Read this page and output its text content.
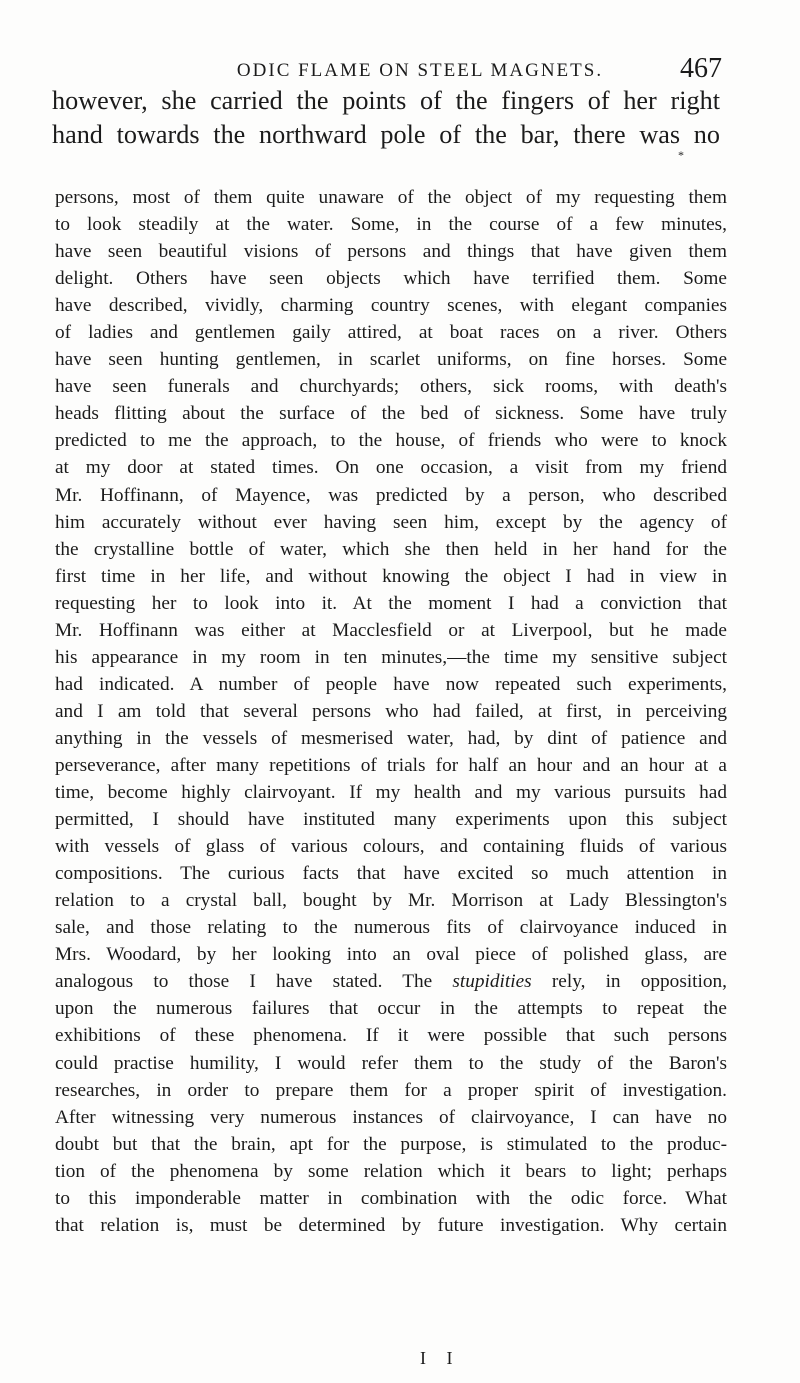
ODIC FLAME ON STEEL MAGNETS.	467
however, she carried the points of the fingers of her right
hand towards the northward pole of the bar, there was no
*
persons, most of them quite unaware of the object of my requesting them
to look steadily at the water. Some, in the course of a few minutes,
have seen beautiful visions of persons and things that have given them
delight. Others have seen objects which have terrified them. Some
have described, vividly, charming country scenes, with elegant companies
of ladies and gentlemen gaily attired, at boat races on a river. Others
have seen hunting gentlemen, in scarlet uniforms, on fine horses. Some
have seen funerals and churchyards; others, sick rooms, with death's
heads flitting about the surface of the bed of sickness. Some have truly
predicted to me the approach, to the house, of friends who were to knock
at my door at stated times. On one occasion, a visit from my friend
Mr. Hoffinann, of Mayence, was predicted by a person, who described
him accurately without ever having seen him, except by the agency of
the crystalline bottle of water, which she then held in her hand for the
first time in her life, and without knowing the object I had in view in
requesting her to look into it. At the moment I had a conviction that
Mr. Hoffinann was either at Macclesfield or at Liverpool, but he made
his appearance in my room in ten minutes,—the time my sensitive subject
had indicated. A number of people have now repeated such experiments,
and I am told that several persons who had failed, at first, in perceiving
anything in the vessels of mesmerised water, had, by dint of patience and
perseverance, after many repetitions of trials for half an hour and an hour at a
time, become highly clairvoyant. If my health and my various pursuits had
permitted, I should have instituted many experiments upon this subject
with vessels of glass of various colours, and containing fluids of various
compositions. The curious facts that have excited so much attention in
relation to a crystal ball, bought by Mr. Morrison at Lady Blessington's
sale, and those relating to the numerous fits of clairvoyance induced in
Mrs. Woodard, by her looking into an oval piece of polished glass, are
analogous to those I have stated. The stupidities rely, in opposition,
upon the numerous failures that occur in the attempts to repeat the
exhibitions of these phenomena. If it were possible that such persons
could practise humility, I would refer them to the study of the Baron's
researches, in order to prepare them for a proper spirit of investigation.
After witnessing very numerous instances of clairvoyance, I can have no
doubt but that the brain, apt for the purpose, is stimulated to the produc-
tion of the phenomena by some relation which it bears to light; perhaps
to this imponderable matter in combination with the odic force. What
that relation is, must be determined by future investigation. Why certain
I I
